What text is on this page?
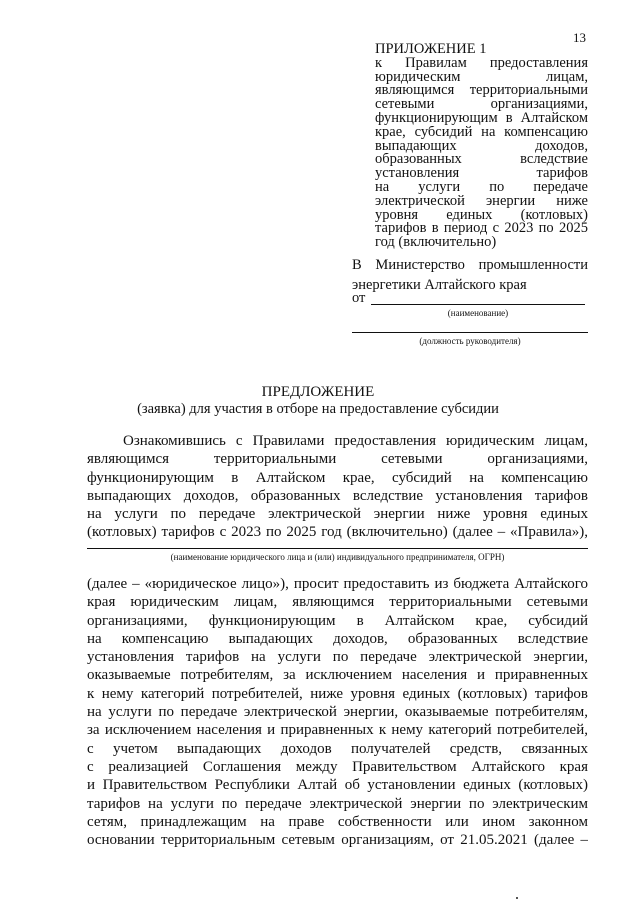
13
ПРИЛОЖЕНИЕ 1
к Правилам предоставления
юридическим лицам,
являющимся территориальными
сетевыми организациями,
функционирующим в Алтайском
крае, субсидий на компенсацию
выпадающих доходов,
образованных вследствие
установления тарифов
на услуги по передаче
электрической энергии ниже
уровня единых (котловых)
тарифов в период с 2023 по 2025
год (включительно)
В Министерство промышленности
энергетики Алтайского края
от
(наименование)
(должность руководителя)
ПРЕДЛОЖЕНИЕ
(заявка) для участия в отборе на предоставление субсидии
Ознакомившись с Правилами предоставления юридическим лицам,
являющимся территориальными сетевыми организациями,
функционирующим в Алтайском крае, субсидий на компенсацию
выпадающих доходов, образованных вследствие установления тарифов
на услуги по передаче электрической энергии ниже уровня единых
(котловых) тарифов с 2023 по 2025 год (включительно) (далее – «Правила»),
(наименование юридического лица и (или) индивидуального предпринимателя, ОГРН)
(далее – «юридическое лицо»), просит предоставить из бюджета Алтайского
края юридическим лицам, являющимся территориальными сетевыми
организациями, функционирующим в Алтайском крае, субсидий
на компенсацию выпадающих доходов, образованных вследствие
установления тарифов на услуги по передаче электрической энергии,
оказываемые потребителям, за исключением населения и приравненных
к нему категорий потребителей, ниже уровня единых (котловых) тарифов
на услуги по передаче электрической энергии, оказываемые потребителям,
за исключением населения и приравненных к нему категорий потребителей,
с учетом выпадающих доходов получателей средств, связанных
с реализацией Соглашения между Правительством Алтайского края
и Правительством Республики Алтай об установлении единых (котловых)
тарифов на услуги по передаче электрической энергии по электрическим
сетям, принадлежащим на праве собственности или ином законном
основании территориальным сетевым организациям, от 21.05.2021 (далее –
